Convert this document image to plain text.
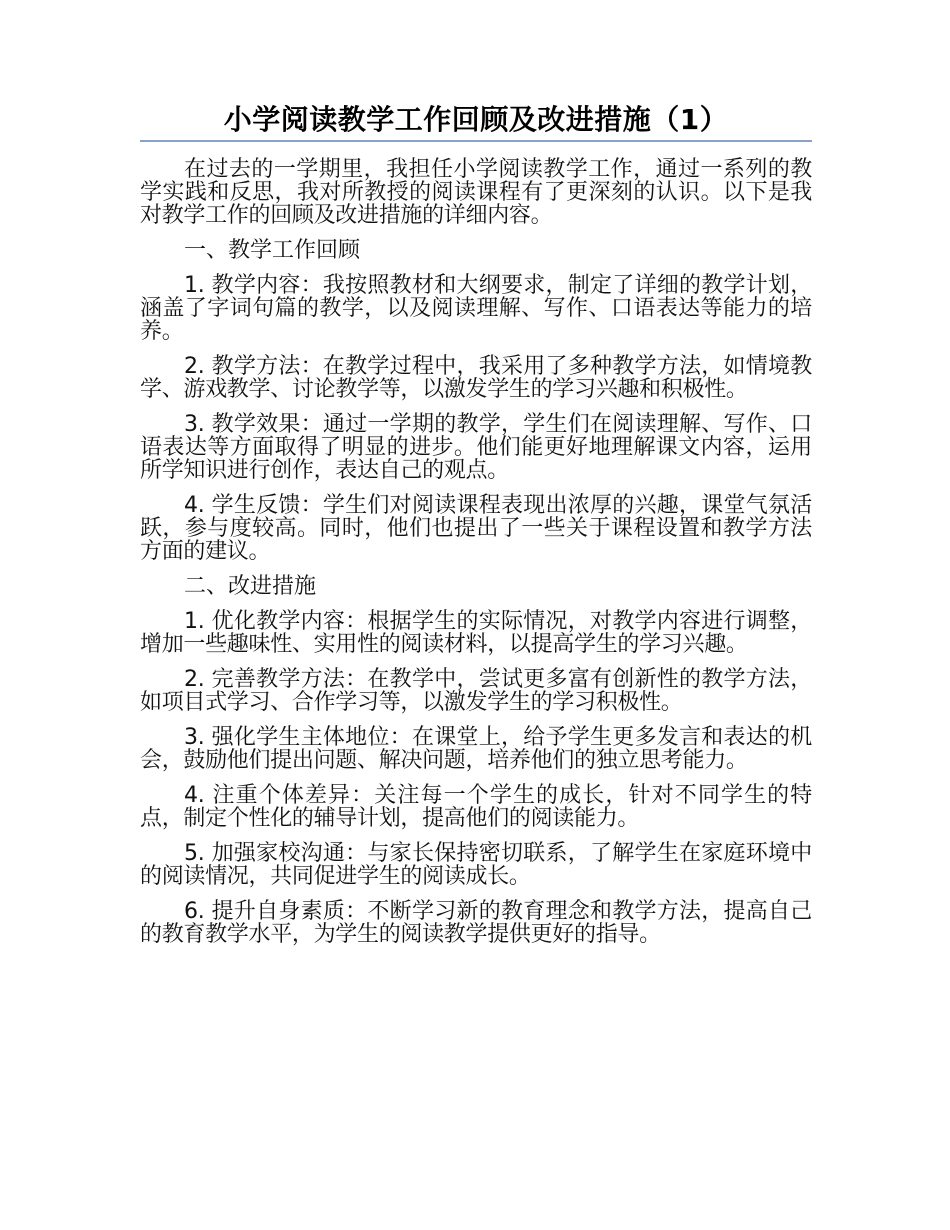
小学阅读教学工作回顾及改进措施（1）

在过去的一学期里，我担任小学阅读教学工作，通过一系列的教学实践和反思，我对所教授的阅读课程有了更深刻的认识。以下是我对教学工作的回顾及改进措施的详细内容。

一、教学工作回顾

1. 教学内容：我按照教材和大纲要求，制定了详细的教学计划，涵盖了字词句篇的教学，以及阅读理解、写作、口语表达等能力的培养。

2. 教学方法：在教学过程中，我采用了多种教学方法，如情境教学、游戏教学、讨论教学等，以激发学生的学习兴趣和积极性。

3. 教学效果：通过一学期的教学，学生们在阅读理解、写作、口语表达等方面取得了明显的进步。他们能更好地理解课文内容，运用所学知识进行创作，表达自己的观点。

4. 学生反馈：学生们对阅读课程表现出浓厚的兴趣，课堂气氛活跃，参与度较高。同时，他们也提出了一些关于课程设置和教学方法方面的建议。

二、改进措施

1. 优化教学内容：根据学生的实际情况，对教学内容进行调整，增加一些趣味性、实用性的阅读材料，以提高学生的学习兴趣。

2. 完善教学方法：在教学中，尝试更多富有创新性的教学方法，如项目式学习、合作学习等，以激发学生的学习积极性。

3. 强化学生主体地位：在课堂上，给予学生更多发言和表达的机会，鼓励他们提出问题、解决问题，培养他们的独立思考能力。

4. 注重个体差异：关注每一个学生的成长，针对不同学生的特点，制定个性化的辅导计划，提高他们的阅读能力。

5. 加强家校沟通：与家长保持密切联系，了解学生在家庭环境中的阅读情况，共同促进学生的阅读成长。

6. 提升自身素质：不断学习新的教育理念和教学方法，提高自己的教育教学水平，为学生的阅读教学提供更好的指导。
